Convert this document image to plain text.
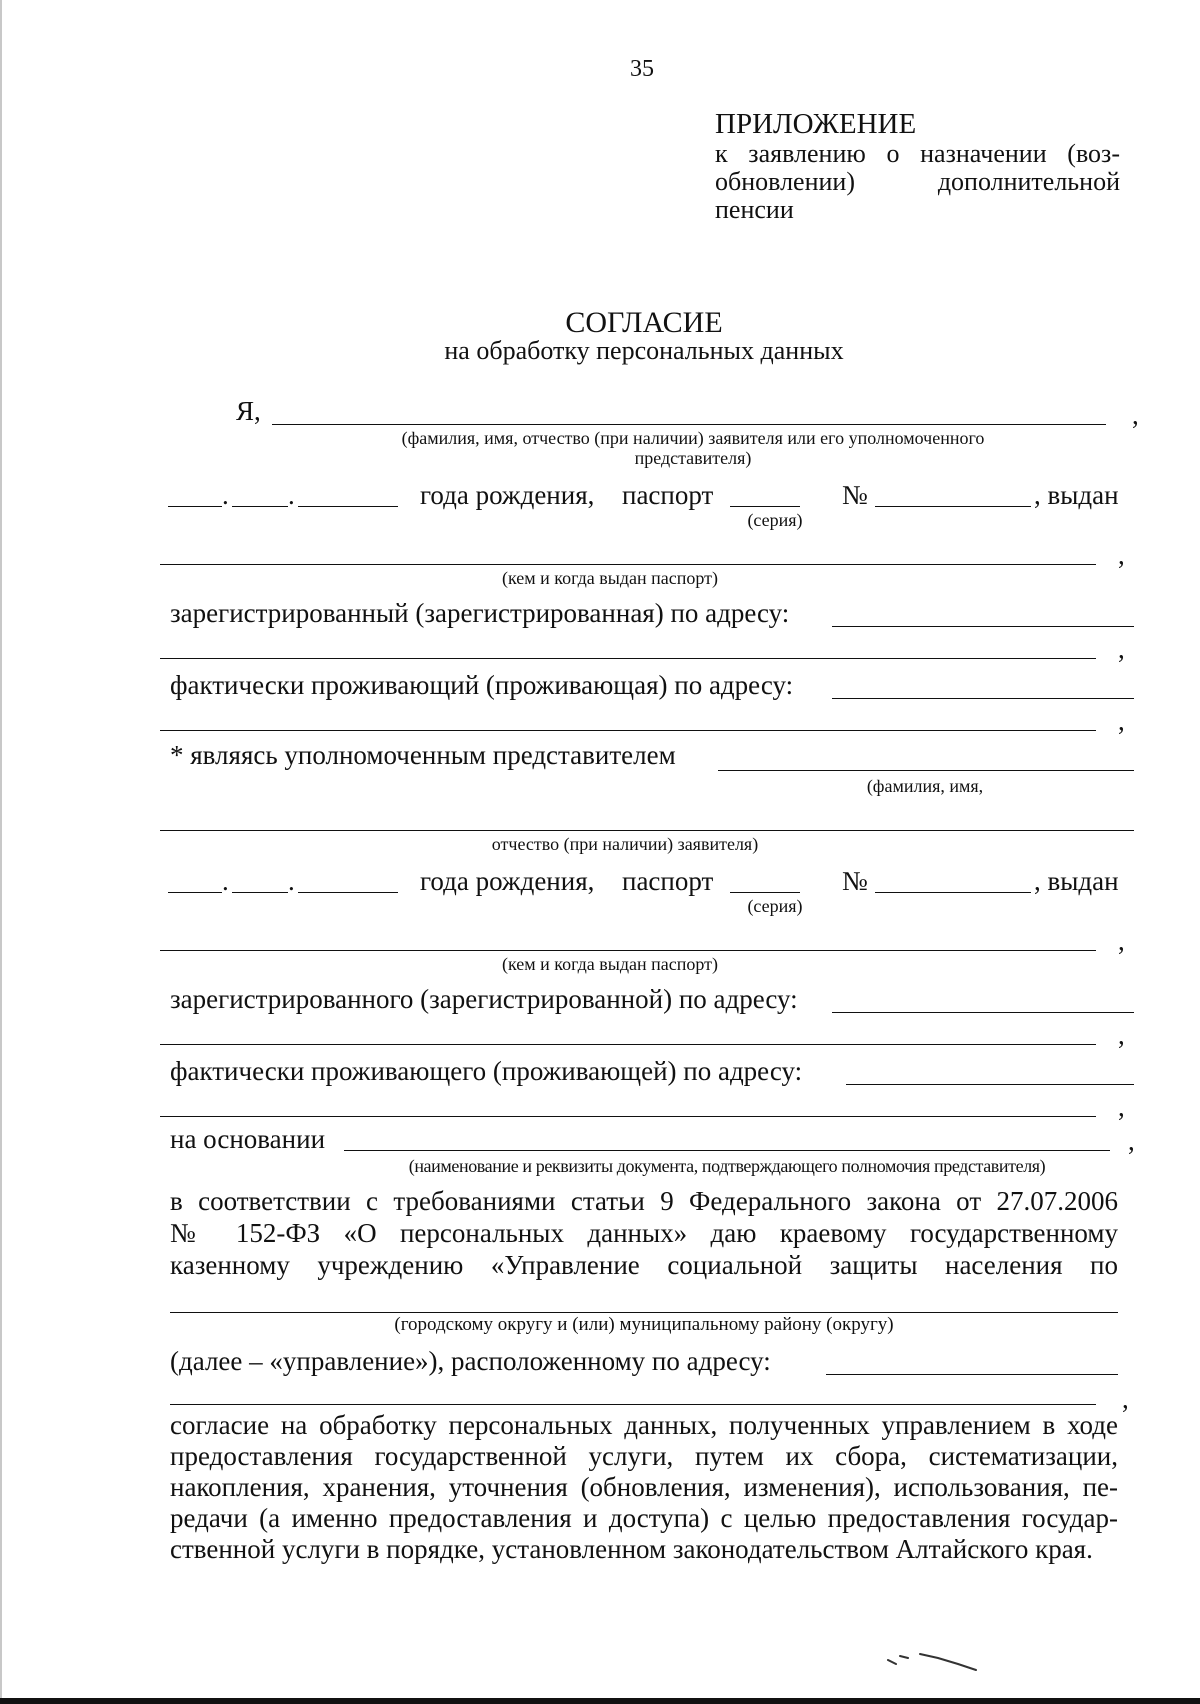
35
ПРИЛОЖЕНИЕ
к заявлению о назначении (воз-
обновлении)	дополнительной
пенсии
СОГЛАСИЕ
на обработку персональных данных
Я,	,
(фамилия, имя, отчество (при наличии) заявителя или его уполномоченного
представителя)
. .	года рождения, паспорт	№	, выдан
(серия)
,
(кем и когда выдан паспорт)
зарегистрированный (зарегистрированная) по адресу:
,
фактически проживающий (проживающая) по адресу:
,
* являясь уполномоченным представителем
(фамилия, имя,
отчество (при наличии) заявителя)
. .	года рождения, паспорт	№	, выдан
(серия)
,
(кем и когда выдан паспорт)
зарегистрированного (зарегистрированной) по адресу:
,
фактически проживающего (проживающей) по адресу:
,
на основании	,
(наименование и реквизиты документа, подтверждающего полномочия представителя)
в соответствии с требованиями статьи 9 Федерального закона от 27.07.2006
№ 152-ФЗ «О персональных данных» даю краевому государственному
казенному учреждению «Управление социальной защиты населения по
(городскому округу и (или) муниципальному району (округу)
(далее – «управление»), расположенному по адресу:
,
согласие на обработку персональных данных, полученных управлением в ходе
предоставления государственной услуги, путем их сбора, систематизации,
накопления, хранения, уточнения (обновления, изменения), использования, пе-
редачи (а именно предоставления и доступа) с целью предоставления государ-
ственной услуги в порядке, установленном законодательством Алтайского края.
